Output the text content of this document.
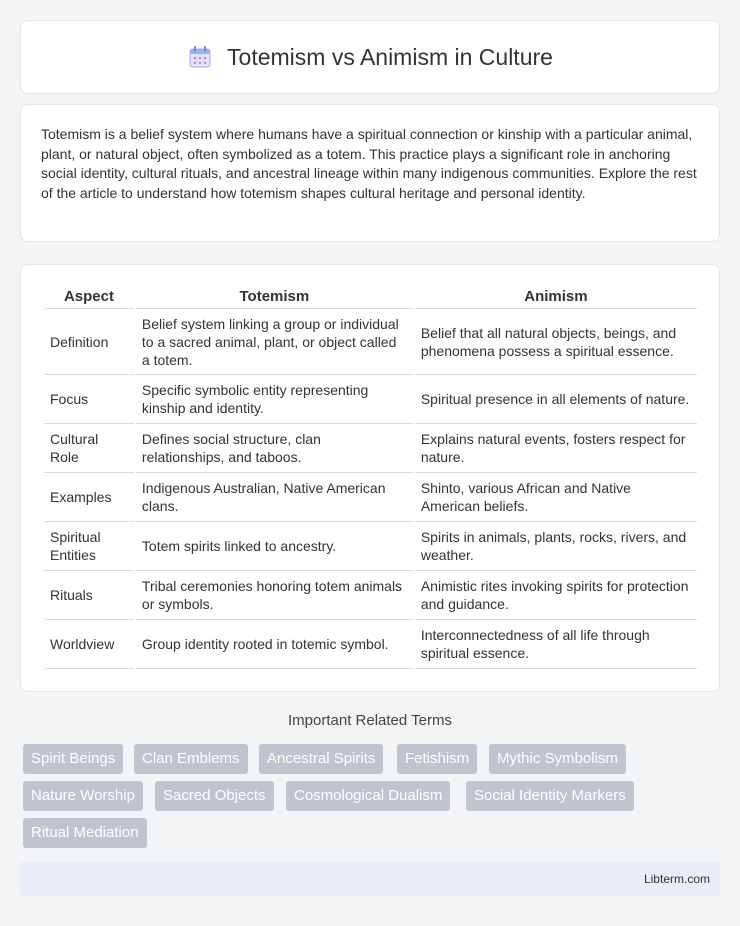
Totemism vs Animism in Culture

Totemism is a belief system where humans have a spiritual connection or kinship with a particular animal, plant, or natural object, often symbolized as a totem. This practice plays a significant role in anchoring social identity, cultural rituals, and ancestral lineage within many indigenous communities. Explore the rest of the article to understand how totemism shapes cultural heritage and personal identity.

Aspect	Totemism	Animism
Definition	Belief system linking a group or individual to a sacred animal, plant, or object called a totem.	Belief that all natural objects, beings, and phenomena possess a spiritual essence.
Focus	Specific symbolic entity representing kinship and identity.	Spiritual presence in all elements of nature.
Cultural Role	Defines social structure, clan relationships, and taboos.	Explains natural events, fosters respect for nature.
Examples	Indigenous Australian, Native American clans.	Shinto, various African and Native American beliefs.
Spiritual Entities	Totem spirits linked to ancestry.	Spirits in animals, plants, rocks, rivers, and weather.
Rituals	Tribal ceremonies honoring totem animals or symbols.	Animistic rites invoking spirits for protection and guidance.
Worldview	Group identity rooted in totemic symbol.	Interconnectedness of all life through spiritual essence.
Important Related Terms
Spirit Beings	Clan Emblems	Ancestral Spirits	Fetishism	Mythic Symbolism
Nature Worship	Sacred Objects	Cosmological Dualism	Social Identity Markers
Ritual Mediation
Libterm.com
